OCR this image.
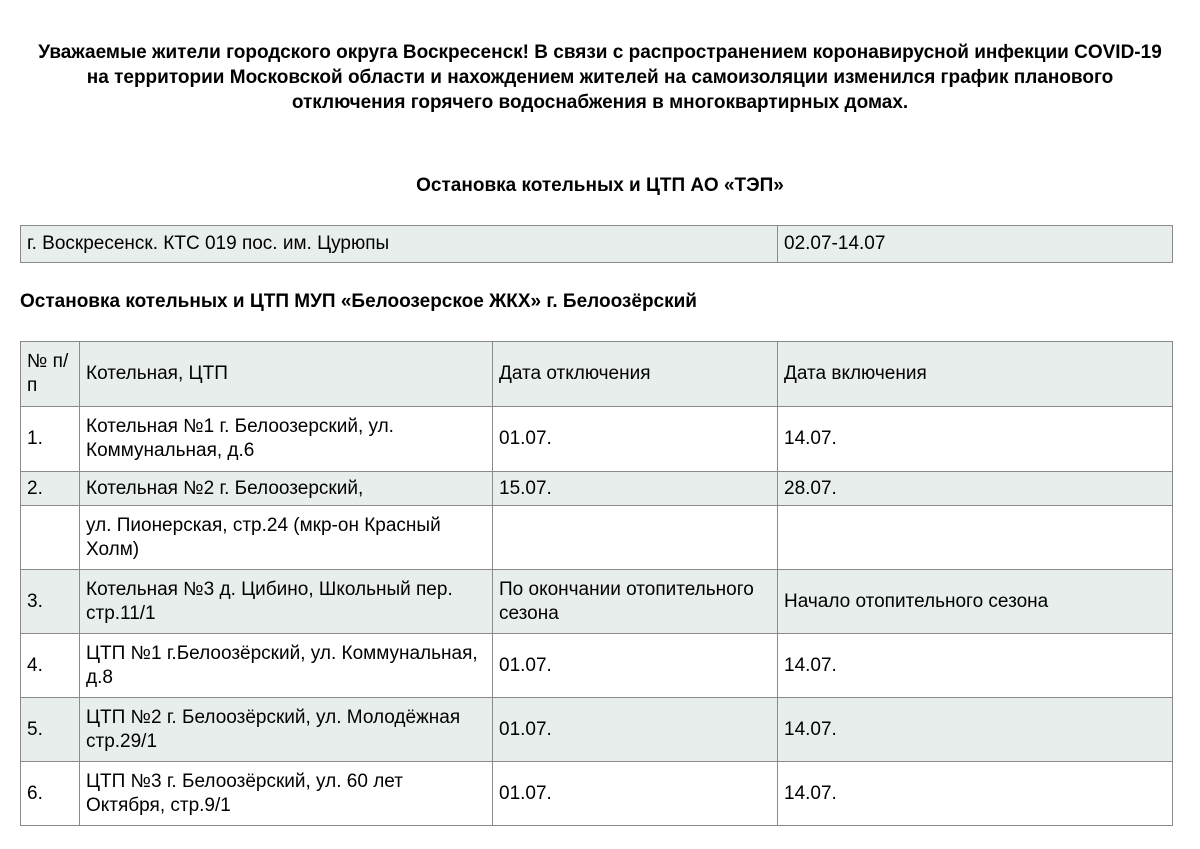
Уважаемые жители городского округа Воскресенск! В связи с распространением коронавирусной инфекции COVID-19 на территории Московской области и нахождением жителей на самоизоляции изменился график планового отключения горячего водоснабжения в многоквартирных домах.

Остановка котельных и ЦТП АО «ТЭП»

г. Воскресенск. КТС 019 пос. им. Цурюпы	02.07-14.07

Остановка котельных и ЦТП МУП «Белоозерское ЖКХ» г. Белоозёрский

№ п/п	Котельная, ЦТП	Дата отключения	Дата включения
1.	Котельная №1 г. Белоозерский, ул. Коммунальная, д.6	01.07.	14.07.
2.	Котельная №2 г. Белоозерский,	15.07.	28.07.
	ул. Пионерская, стр.24 (мкр-он Красный Холм)		
3.	Котельная №3 д. Цибино, Школьный пер. стр.11/1	По окончании отопительного сезона	Начало отопительного сезона
4.	ЦТП №1 г.Белоозёрский, ул. Коммунальная, д.8	01.07.	14.07.
5.	ЦТП №2 г. Белоозёрский, ул. Молодёжная стр.29/1	01.07.	14.07.
6.	ЦТП №3 г. Белоозёрский, ул. 60 лет Октября, стр.9/1	01.07.	14.07.
